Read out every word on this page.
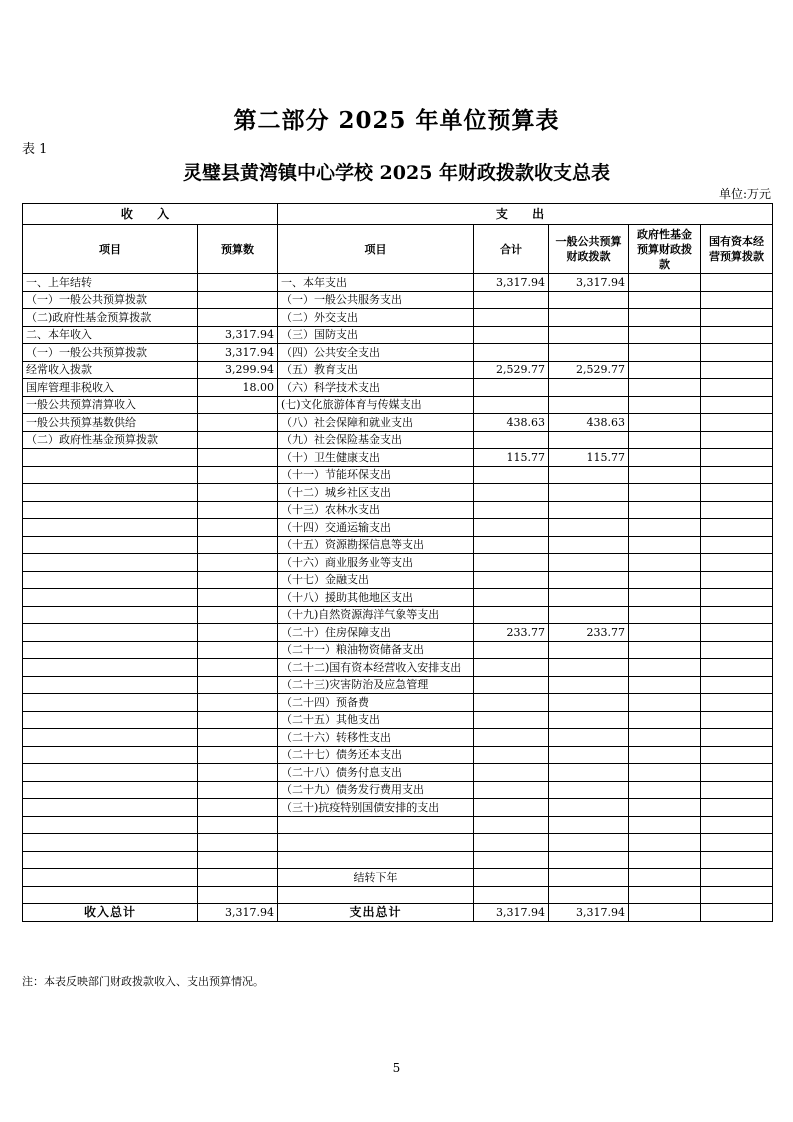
第二部分 2025 年单位预算表
表 1
灵璧县黄湾镇中心学校 2025 年财政拨款收支总表
单位:万元
收 入		支 出				
项目	预算数	项目	合计	一般公共预算财政拨款	政府性基金预算财政拨款	国有资本经营预算拨款
一、上年结转		一、本年支出	3,317.94	3,317.94		
（一）一般公共预算拨款		（一）一般公共服务支出				
（二)政府性基金预算拨款		（二）外交支出				
二、本年收入	3,317.94	（三）国防支出				
（一）一般公共预算拨款	3,317.94	（四）公共安全支出				
经常收入拨款	3,299.94	（五）教育支出	2,529.77	2,529.77		
国库管理非税收入	18.00	（六）科学技术支出				
一般公共预算清算收入		(七)文化旅游体育与传媒支出				
一般公共预算基数供给		（八）社会保障和就业支出	438.63	438.63		
（二）政府性基金预算拨款		（九）社会保险基金支出				
		（十）卫生健康支出	115.77	115.77		
		（十一）节能环保支出				
		（十二）城乡社区支出				
		（十三）农林水支出				
		（十四）交通运输支出				
		（十五）资源勘探信息等支出				
		（十六）商业服务业等支出				
		（十七）金融支出				
		（十八）援助其他地区支出				
		（十九)自然资源海洋气象等支出				
		（二十）住房保障支出	233.77	233.77		
		（二十一）粮油物资储备支出				
		（二十二)国有资本经营收入安排支出				
		（二十三)灾害防治及应急管理				
		（二十四）预备费				
		（二十五）其他支出				
		（二十六）转移性支出				
		（二十七）债务还本支出				
		（二十八）债务付息支出				
		（二十九）债务发行费用支出				
		（三十)抗疫特别国债安排的支出				

		结转下年				

收入总计	3,317.94	支出总计	3,317.94	3,317.94		
注：本表反映部门财政拨款收入、支出预算情况。
5
